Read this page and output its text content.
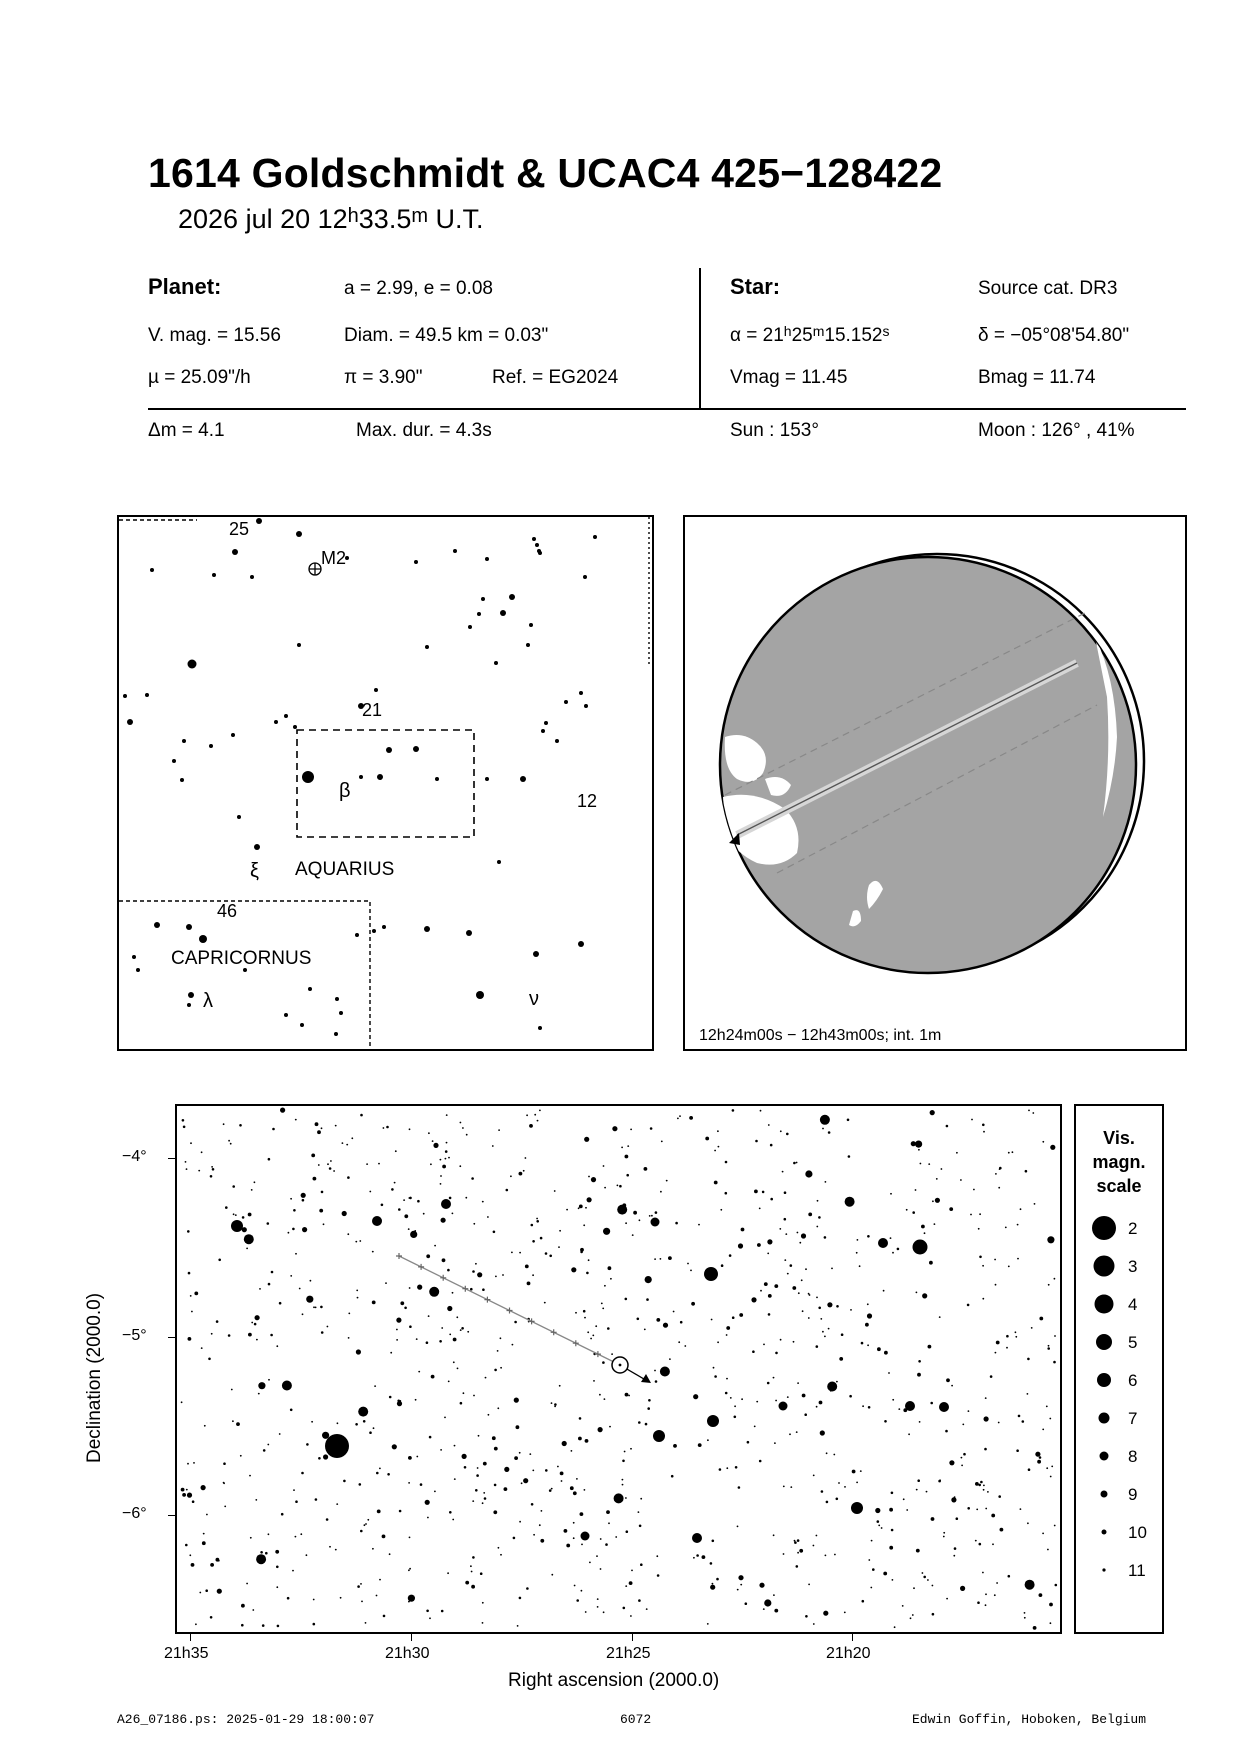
1614 Goldschmidt & UCAC4 425−128422
2026 jul 20 12$^h$33.5$^m$ U.T.
Planet:	a = 2.99, e = 0.08
V. mag. = 15.56	Diam. = 49.5 km = 0.03"
µ = 25.09"/h	π = 3.90"	Ref. = EG2024
Star:	Source cat. DR3
$\alpha = 21^h25^m15.152^s$	δ = −05°08'54.80"
Vmag = 11.45	Bmag = 11.74
Δm = 4.1	Max. dur. = 4.3s	Sun : 153°	Moon : 126° , 41%
25
M2
21
β	12
ξ AQUARIUS
46
CAPRICORNUS
λ	ν
12h24m00s − 12h43m00s; int. 1m
Declination (2000.0)
−4°
−5°
−6°
21h35	21h30	21h25	21h20
Right ascension (2000.0)
Vis.
magn.
scale
2
3
4
5
6
7
8
9
10
11
A26_07186.ps: 2025-01-29 18:00:07	6072	Edwin Goffin, Hoboken, Belgium
